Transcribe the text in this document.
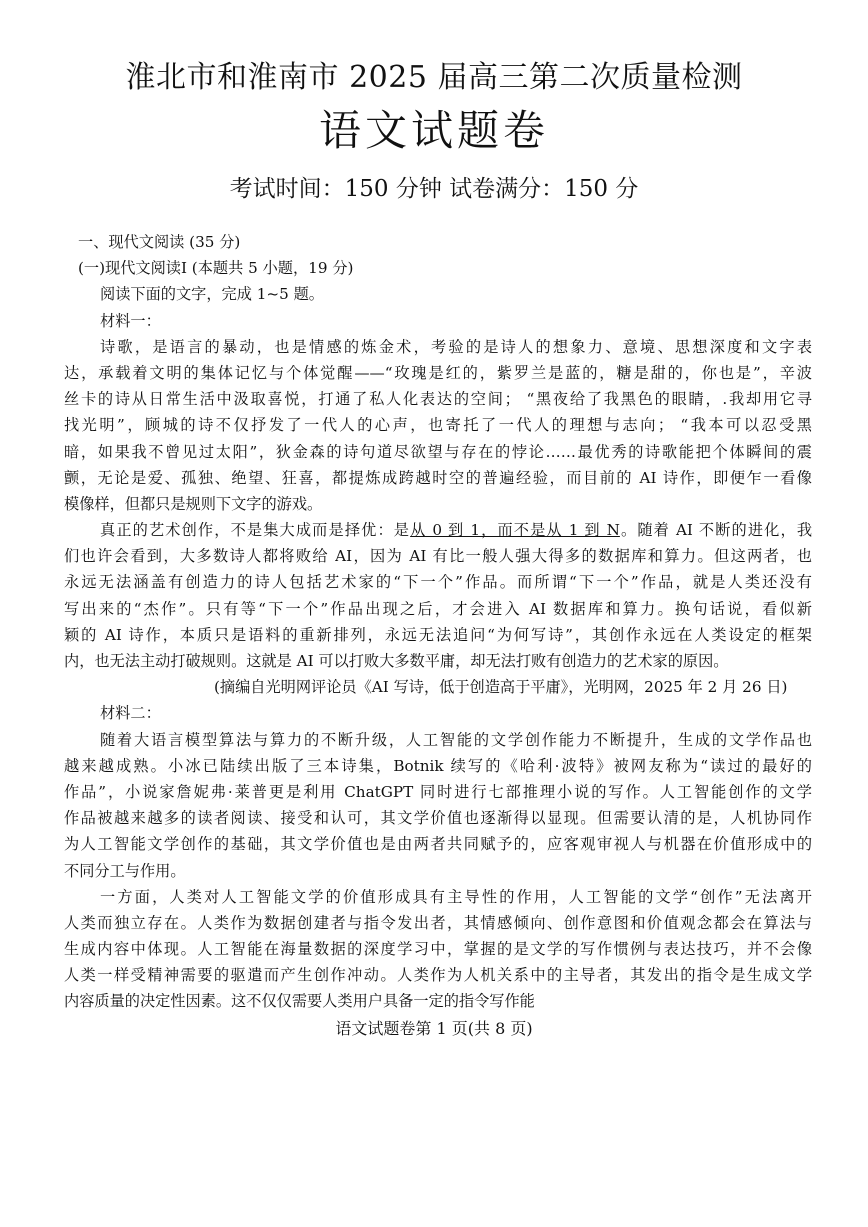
淮北市和淮南市 2025 届高三第二次质量检测
语文试题卷
考试时间：150 分钟 试卷满分：150 分
一、现代文阅读 (35 分)
(一)现代文阅读Ⅰ (本题共 5 小题，19 分)
阅读下面的文字，完成 1~5 题。
材料一：
诗歌，是语言的暴动，也是情感的炼金术，考验的是诗人的想象力、意境、思想深度和文字表
达，承载着文明的集体记忆与个体觉醒——“玫瑰是红的，紫罗兰是蓝的，糖是甜的，你也是”，辛波
丝卡的诗从日常生活中汲取喜悦，打通了私人化表达的空间； “黑夜给了我黑色的眼睛，.我却用它寻
找光明”，顾城的诗不仅抒发了一代人的心声，也寄托了一代人的理想与志向； “我本可以忍受黑
暗，如果我不曾见过太阳”，狄金森的诗句道尽欲望与存在的悖论……最优秀的诗歌能把个体瞬间的震
颤，无论是爱、孤独、绝望、狂喜，都提炼成跨越时空的普遍经验，而目前的 AI 诗作，即便乍一看像
模像样，但都只是规则下文字的游戏。
真正的艺术创作，不是集大成而是择优：是从 0 到 1，而不是从 1 到 N。随着 AI 不断的进化，我
们也许会看到，大多数诗人都将败给 AI，因为 AI 有比一般人强大得多的数据库和算力。但这两者，也
永远无法涵盖有创造力的诗人包括艺术家的“下一个”作品。而所谓“下一个”作品，就是人类还没有
写出来的“杰作”。只有等“下一个”作品出现之后，才会进入 AI 数据库和算力。换句话说，看似新
颖的 AI 诗作，本质只是语料的重新排列，永远无法追问“为何写诗”，其创作永远在人类设定的框架
内，也无法主动打破规则。这就是 AI 可以打败大多数平庸，却无法打败有创造力的艺术家的原因。
(摘编自光明网评论员《AI 写诗，低于创造高于平庸》，光明网，2025 年 2 月 26 日)
材料二：
随着大语言模型算法与算力的不断升级，人工智能的文学创作能力不断提升，生成的文学作品也
越来越成熟。小冰已陆续出版了三本诗集，Botnik 续写的《哈利·波特》被网友称为“读过的最好的
作品”，小说家詹妮弗·莱普更是利用 ChatGPT 同时进行七部推理小说的写作。人工智能创作的文学
作品被越来越多的读者阅读、接受和认可，其文学价值也逐渐得以显现。但需要认清的是，人机协同作
为人工智能文学创作的基础，其文学价值也是由两者共同赋予的，应客观审视人与机器在价值形成中的
不同分工与作用。
一方面，人类对人工智能文学的价值形成具有主导性的作用，人工智能的文学“创作”无法离开
人类而独立存在。人类作为数据创建者与指令发出者，其情感倾向、创作意图和价值观念都会在算法与
生成内容中体现。人工智能在海量数据的深度学习中，掌握的是文学的写作惯例与表达技巧，并不会像
人类一样受精神需要的驱遣而产生创作冲动。人类作为人机关系中的主导者，其发出的指令是生成文学
内容质量的决定性因素。这不仅仅需要人类用户具备一定的指令写作能
语文试题卷第 1 页(共 8 页)
